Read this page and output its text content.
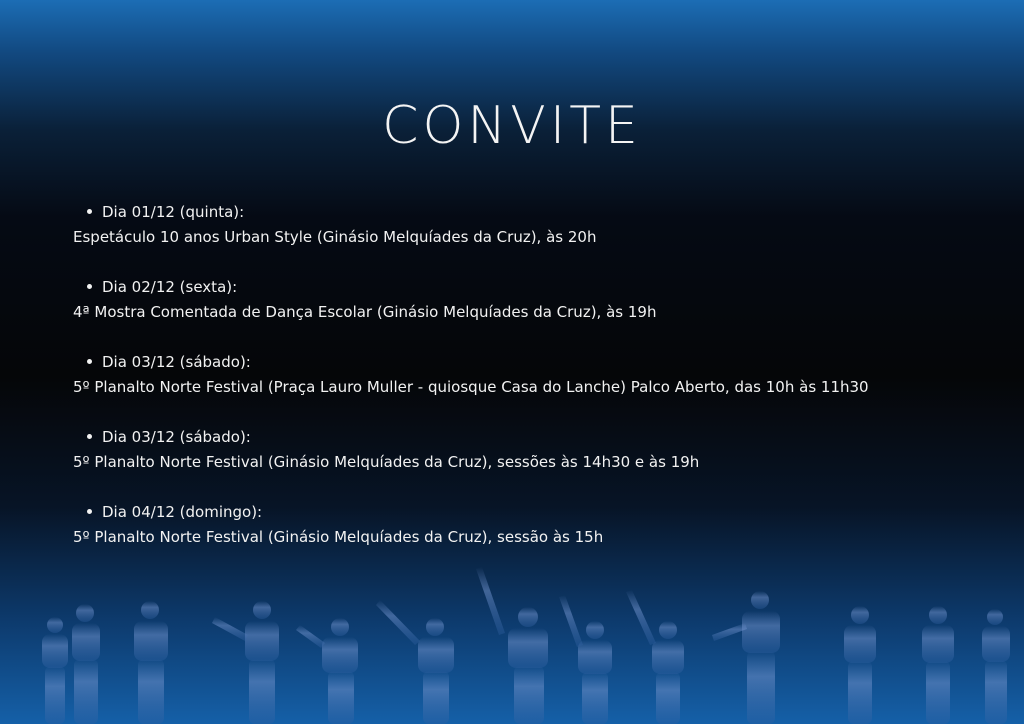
CONVITE
Dia 01/12 (quinta):
Espetáculo 10 anos Urban Style (Ginásio Melquíades da Cruz), às 20h
Dia 02/12 (sexta):
4ª Mostra Comentada de Dança Escolar (Ginásio Melquíades da Cruz), às 19h
Dia 03/12 (sábado):
5º Planalto Norte Festival (Praça Lauro Muller - quiosque Casa do Lanche) Palco Aberto, das 10h às 11h30
Dia 03/12 (sábado):
5º Planalto Norte Festival (Ginásio Melquíades da Cruz), sessões às 14h30 e às 19h
Dia 04/12 (domingo):
5º Planalto Norte Festival (Ginásio Melquíades da Cruz), sessão às 15h
